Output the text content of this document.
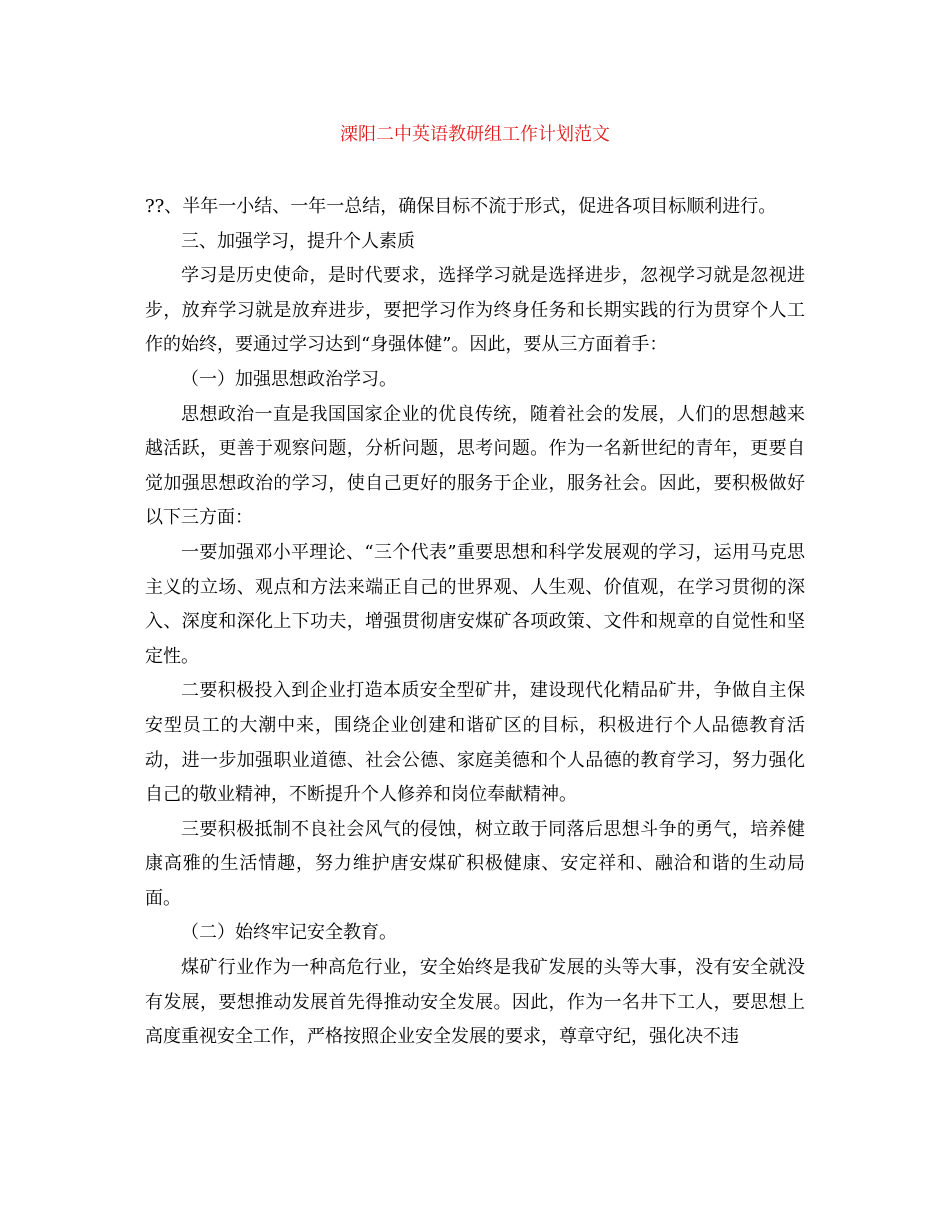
溧阳二中英语教研组工作计划范文

??、半年一小结、一年一总结，确保目标不流于形式，促进各项目标顺利进行。

三、加强学习，提升个人素质

学习是历史使命，是时代要求，选择学习就是选择进步，忽视学习就是忽视进步，放弃学习就是放弃进步，要把学习作为终身任务和长期实践的行为贯穿个人工作的始终，要通过学习达到“身强体健”。因此，要从三方面着手：

（一）加强思想政治学习。

思想政治一直是我国国家企业的优良传统，随着社会的发展，人们的思想越来越活跃，更善于观察问题，分析问题，思考问题。作为一名新世纪的青年，更要自觉加强思想政治的学习，使自己更好的服务于企业，服务社会。因此，要积极做好以下三方面：

一要加强邓小平理论、“三个代表”重要思想和科学发展观的学习，运用马克思主义的立场、观点和方法来端正自己的世界观、人生观、价值观，在学习贯彻的深入、深度和深化上下功夫，增强贯彻唐安煤矿各项政策、文件和规章的自觉性和坚定性。

二要积极投入到企业打造本质安全型矿井，建设现代化精品矿井，争做自主保安型员工的大潮中来，围绕企业创建和谐矿区的目标，积极进行个人品德教育活动，进一步加强职业道德、社会公德、家庭美德和个人品德的教育学习，努力强化自己的敬业精神，不断提升个人修养和岗位奉献精神。

三要积极抵制不良社会风气的侵蚀，树立敢于同落后思想斗争的勇气，培养健康高雅的生活情趣，努力维护唐安煤矿积极健康、安定祥和、融洽和谐的生动局面。

（二）始终牢记安全教育。

煤矿行业作为一种高危行业，安全始终是我矿发展的头等大事，没有安全就没有发展，要想推动发展首先得推动安全发展。因此，作为一名井下工人，要思想上高度重视安全工作，严格按照企业安全发展的要求，尊章守纪，强化决不违
